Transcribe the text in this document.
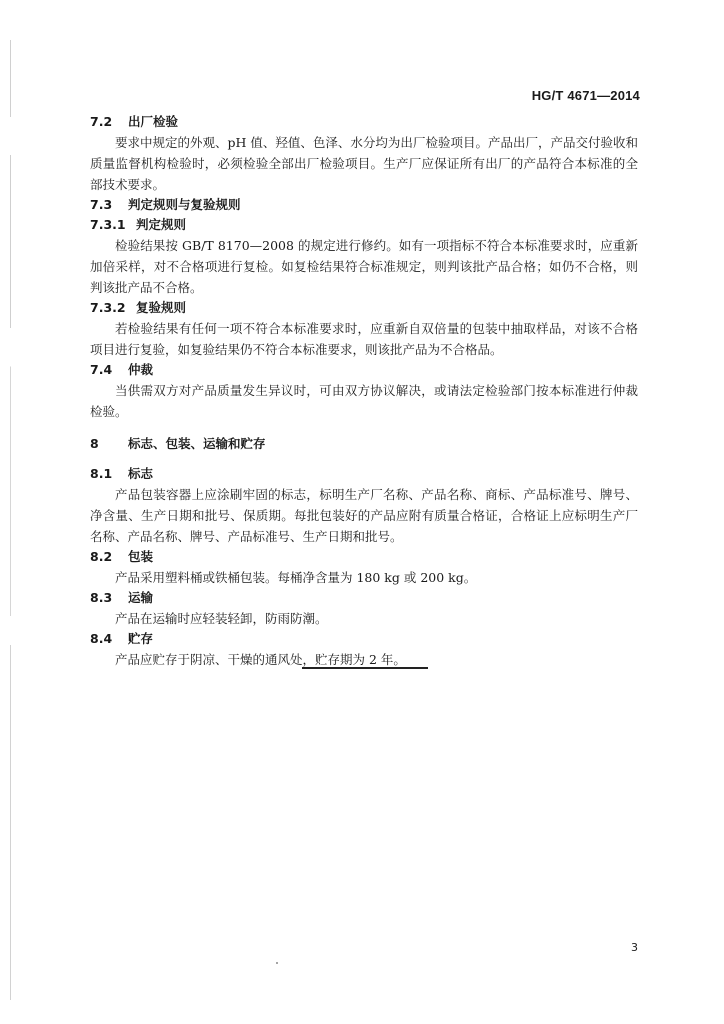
HG/T 4671—2014
7.2	出厂检验

要求中规定的外观、pH 值、羟值、色泽、水分均为出厂检验项目。产品出厂，产品交付验收和质量监督机构检验时，必须检验全部出厂检验项目。生产厂应保证所有出厂的产品符合本标准的全部技术要求。

7.3	判定规则与复验规则
7.3.1 判定规则

检验结果按 GB/T 8170—2008 的规定进行修约。如有一项指标不符合本标准要求时，应重新加倍采样，对不合格项进行复检。如复检结果符合标准规定，则判该批产品合格；如仍不合格，则判该批产品不合格。

7.3.2 复验规则

若检验结果有任何一项不符合本标准要求时，应重新自双倍量的包装中抽取样品，对该不合格项目进行复验，如复验结果仍不符合本标准要求，则该批产品为不合格品。

7.4	仲裁

当供需双方对产品质量发生异议时，可由双方协议解决，或请法定检验部门按本标准进行仲裁检验。

8	标志、包装、运输和贮存
8.1	标志

产品包装容器上应涂刷牢固的标志，标明生产厂名称、产品名称、商标、产品标准号、牌号、净含量、生产日期和批号、保质期。每批包装好的产品应附有质量合格证，合格证上应标明生产厂名称、产品名称、牌号、产品标准号、生产日期和批号。

8.2	包装

产品采用塑料桶或铁桶包装。每桶净含量为 180 kg 或 200 kg。

8.3	运输

产品在运输时应轻装轻卸，防雨防潮。

8.4	贮存

产品应贮存于阴凉、干燥的通风处，贮存期为 2 年。

3
